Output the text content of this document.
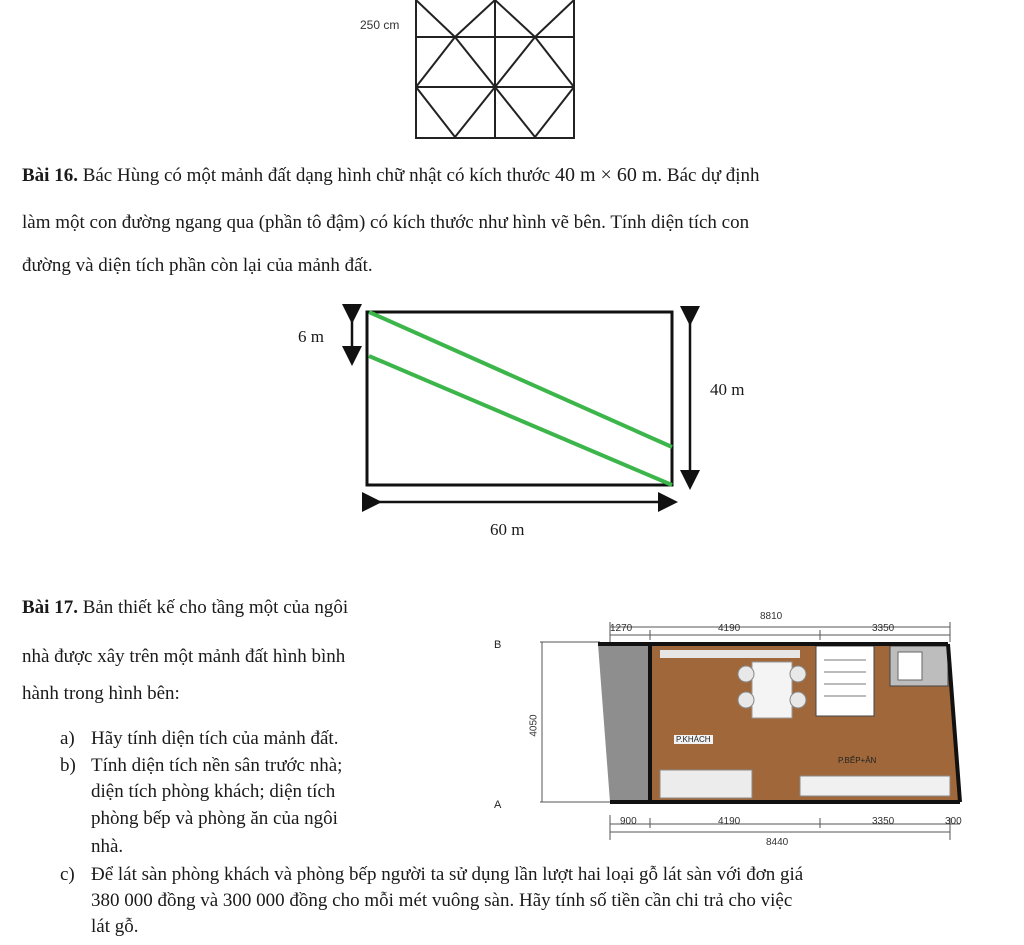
250 cm
Bài 16. Bác Hùng có một mảnh đất dạng hình chữ nhật có kích thước 40 m × 60 m. Bác dự định
làm một con đường ngang qua (phần tô đậm) có kích thước như hình vẽ bên. Tính diện tích con
đường và diện tích phần còn lại của mảnh đất.
6 m
40 m
60 m
Bài 17. Bản thiết kế cho tầng một của ngôi
nhà được xây trên một mảnh đất hình bình
hành trong hình bên:
a) Hãy tính diện tích của mảnh đất.
b) Tính diện tích nền sân trước nhà;
diện tích phòng khách; diện tích
phòng bếp và phòng ăn của ngôi
nhà.
c) Để lát sàn phòng khách và phòng bếp người ta sử dụng lần lượt hai loại gỗ lát sàn với đơn giá
380 000 đồng và 300 000 đồng cho mỗi mét vuông sàn. Hãy tính số tiền cần chi trả cho việc
lát gỗ.
B
A
8810
1270	4190	3350
4050
900	4190	3350	300
8440
P.KHÁCH
P.BẾP+ĂN
